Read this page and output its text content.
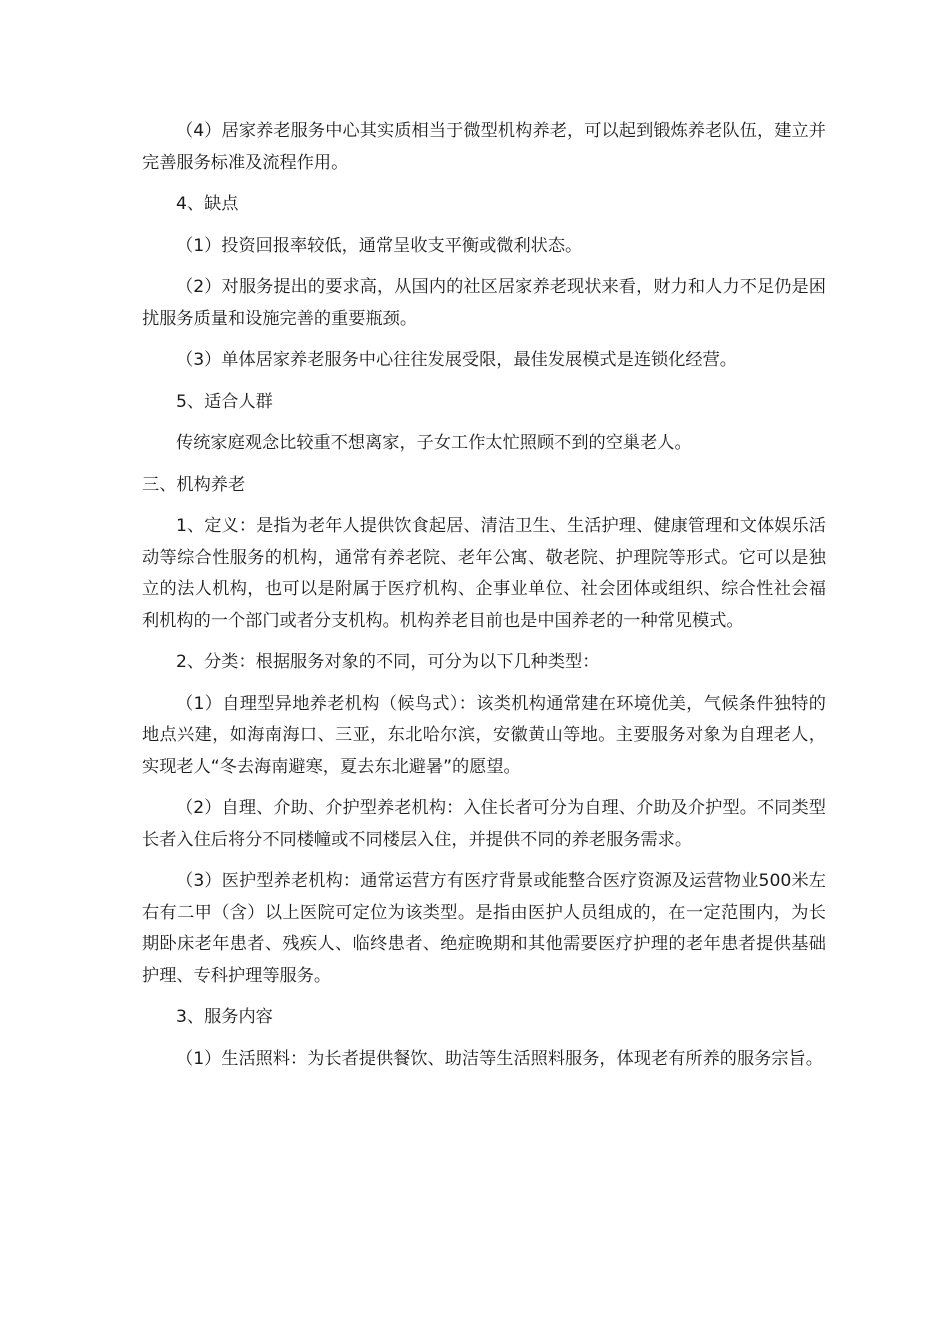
（4）居家养老服务中心其实质相当于微型机构养老，可以起到锻炼养老队伍，建立并完善服务标准及流程作用。

4、缺点

（1）投资回报率较低，通常呈收支平衡或微利状态。

（2）对服务提出的要求高，从国内的社区居家养老现状来看，财力和人力不足仍是困扰服务质量和设施完善的重要瓶颈。

（3）单体居家养老服务中心往往发展受限，最佳发展模式是连锁化经营。

5、适合人群

传统家庭观念比较重不想离家，子女工作太忙照顾不到的空巢老人。

三、机构养老

1、定义：是指为老年人提供饮食起居、清洁卫生、生活护理、健康管理和文体娱乐活动等综合性服务的机构，通常有养老院、老年公寓、敬老院、护理院等形式。它可以是独立的法人机构，也可以是附属于医疗机构、企事业单位、社会团体或组织、综合性社会福利机构的一个部门或者分支机构。机构养老目前也是中国养老的一种常见模式。

2、分类：根据服务对象的不同，可分为以下几种类型：

（1）自理型异地养老机构（候鸟式）：该类机构通常建在环境优美，气候条件独特的地点兴建，如海南海口、三亚，东北哈尔滨，安徽黄山等地。主要服务对象为自理老人，实现老人“冬去海南避寒，夏去东北避暑”的愿望。

（2）自理、介助、介护型养老机构：入住长者可分为自理、介助及介护型。不同类型长者入住后将分不同楼幢或不同楼层入住，并提供不同的养老服务需求。

（3）医护型养老机构：通常运营方有医疗背景或能整合医疗资源及运营物业500米左右有二甲（含）以上医院可定位为该类型。是指由医护人员组成的，在一定范围内，为长期卧床老年患者、残疾人、临终患者、绝症晚期和其他需要医疗护理的老年患者提供基础护理、专科护理等服务。

3、服务内容

（1）生活照料：为长者提供餐饮、助洁等生活照料服务，体现老有所养的服务宗旨。
